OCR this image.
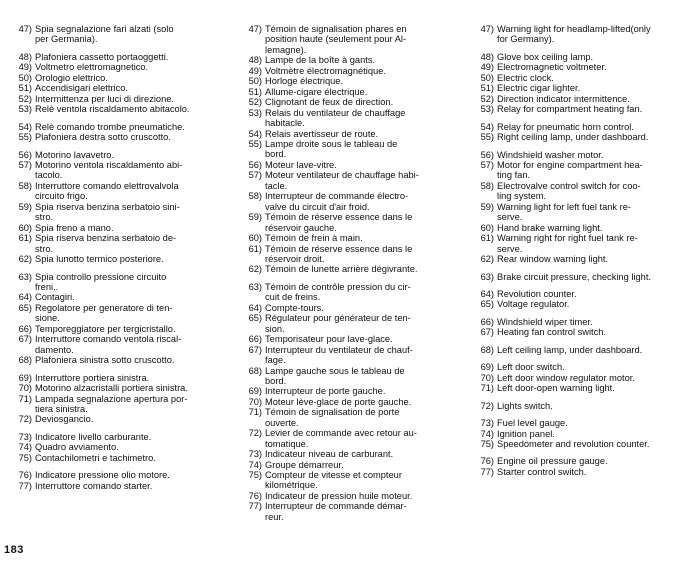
47) Spia segnalazione fari alzati (solo
per Germania).
48) Plafoniera cassetto portaoggetti.
49) Voltmetro elettromagnetico.
50) Orologio elettrico.
51) Accendisigari elettrico.
52) Intermittenza per luci di direzione.
53) Relè ventola riscaldamento abitacolo.
54) Relè comando trombe pneumatiche.
55) Plafoniera destra sotto cruscotto.
56) Motorino lavavetro.
57) Motorino ventola riscaldamento abi-
tacolo.
58) Interruttore comando elettrovalvola
circuito frigo.
59) Spia riserva benzina serbatoio sini-
stro.
60) Spia freno a mano.
61) Spia riserva benzina serbatoio de-
stro.
62) Spia lunotto termico posteriore.
63) Spia controllo pressione circuito
freni..
64) Contagiri.
65) Regolatore per generatore di ten-
sione.
66) Temporeggiatore per tergicristallo.
67) Interruttore comando ventola riscal-
damento.
68) Plafoniera sinistra sotto cruscotto.
69) Interruttore portiera sinistra.
70) Motorino alzacristalli portiera sinistra.
71) Lampada segnalazione apertura por-
tiera sinistra.
72) Deviosgancio.
73) Indicatore livello carburante.
74) Quadro avviamento.
75) Contachilometri e tachimetro.
76) Indicatore pressione olio motore.
77) Interruttore comando starter.
47) Témoin de signalisation phares en
position haute (seulement pour Al-
lemagne).
48) Lampe de la boîte à gants.
49) Voltmètre électromagnétique.
50) Horloge électrique.
51) Allume-cigare électrique.
52) Clignotant de feux de direction.
53) Relais du ventilateur de chauffage
habitacle.
54) Relais avertisseur de route.
55) Lampe droite sous le tableau de
bord.
56) Moteur lave-vitre.
57) Moteur ventilateur de chauffage habi-
tacle.
58) Interrupteur de commande électro-
valve du circuit d'air froid.
59) Témoin de réserve essence dans le
réservoir gauche.
60) Témoin de frein à main.
61) Témoin de réserve essence dans le
réservoir droit.
62) Témoin de lunette arrière dégivrante.
63) Témoin de contrôle pression du cir-
cuit de freins.
64) Compte-tours.
65) Régulateur pour générateur de ten-
sion.
66) Temporisateur pour lave-glace.
67) Interrupteur du ventilateur de chauf-
fage.
68) Lampe gauche sous le tableau de
bord.
69) Interrupteur de porte gauche.
70) Moteur lève-glace de porte gauche.
71) Témoin de signalisation de porte
ouverte.
72) Levier de commande avec retour au-
tomatique.
73) Indicateur niveau de carburant.
74) Groupe démarreur.
75) Compteur de vitesse et compteur
kilométrique.
76) Indicateur de pression huile moteur.
77) Interrupteur de commande démar-
reur.
47) Warning light for headlamp-lifted(only
for Germany).
48) Glove box ceiling lamp.
49) Electromagnetic voltmeter.
50) Electric clock.
51) Electric cigar lighter.
52) Direction indicator intermittence.
53) Relay for compartment heating fan.
54) Relay for pneumatic horn control.
55) Right ceiling lamp, under dashboard.
56) Windshield washer motor.
57) Motor for engine compartment hea-
ting fan.
58) Electrovalve control switch for coo-
ling system.
59) Warning light for left fuel tank re-
serve.
60) Hand brake warning light.
61) Warning right for right fuel tank re-
serve.
62) Rear window warning light.
63) Brake circuit pressure, checking light.
64) Revolution counter.
65) Voltage regulator.
66) Windshield wiper timer.
67) Heating fan control switch.
68) Left ceiling lamp, under dashboard.
69) Left door switch.
70) Left door window regulator motor.
71) Left door-open warning light.
72) Lights switch.
73) Fuel level gauge.
74) Ignition panel.
75) Speedometer and revolution counter.
76) Engine oil pressure gauge.
77) Starter control switch.
183
